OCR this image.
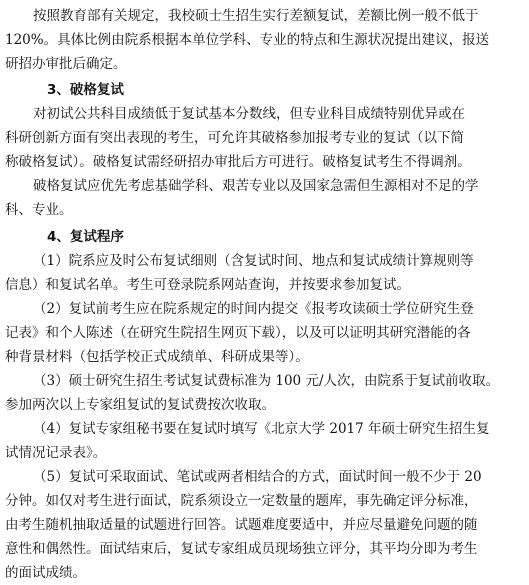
按照教育部有关规定，我校硕士生招生实行差额复试，差额比例一般不低于
120%。具体比例由院系根据本单位学科、专业的特点和生源状况提出建议，报送
研招办审批后确定。
3、破格复试
对初试公共科目成绩低于复试基本分数线，但专业科目成绩特别优异或在
科研创新方面有突出表现的考生，可允许其破格参加报考专业的复试（以下简
称破格复试）。破格复试需经研招办审批后方可进行。破格复试考生不得调剂。
破格复试应优先考虑基础学科、艰苦专业以及国家急需但生源相对不足的学
科、专业。
4、复试程序
（1）院系应及时公布复试细则（含复试时间、地点和复试成绩计算规则等
信息）和复试名单。考生可登录院系网站查询，并按要求参加复试。
（2）复试前考生应在院系规定的时间内提交《报考攻读硕士学位研究生登
记表》和个人陈述（在研究生院招生网页下载），以及可以证明其研究潜能的各
种背景材料（包括学校正式成绩单、科研成果等）。
（3）硕士研究生招生考试复试费标准为 100 元/人次，由院系于复试前收取。
参加两次以上专家组复试的复试费按次收取。
（4）复试专家组秘书要在复试时填写《北京大学 2017 年硕士研究生招生复
试情况记录表》。
（5）复试可采取面试、笔试或两者相结合的方式，面试时间一般不少于 20
分钟。如仅对考生进行面试，院系须设立一定数量的题库，事先确定评分标准，
由考生随机抽取适量的试题进行回答。试题难度要适中，并应尽量避免问题的随
意性和偶然性。面试结束后，复试专家组成员现场独立评分，其平均分即为考生
的面试成绩。
